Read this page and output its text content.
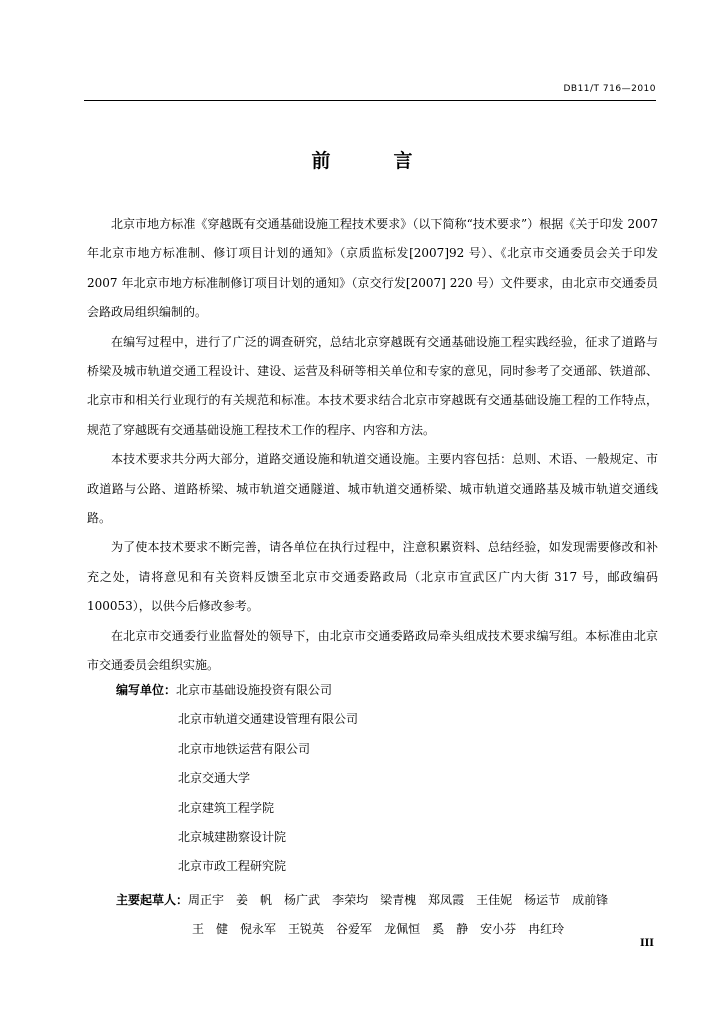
DB11/T 716—2010
前　言

北京市地方标准《穿越既有交通基础设施工程技术要求》（以下简称“技术要求”）根据《关于印发 2007 年北京市地方标准制、修订项目计划的通知》（京质监标发[2007]92 号）、《北京市交通委员会关于印发 2007 年北京市地方标准制修订项目计划的通知》（京交行发[2007] 220 号）文件要求，由北京市交通委员会路政局组织编制的。

在编写过程中，进行了广泛的调查研究，总结北京穿越既有交通基础设施工程实践经验，征求了道路与桥梁及城市轨道交通工程设计、建设、运营及科研等相关单位和专家的意见，同时参考了交通部、铁道部、北京市和相关行业现行的有关规范和标准。本技术要求结合北京市穿越既有交通基础设施工程的工作特点，规范了穿越既有交通基础设施工程技术工作的程序、内容和方法。

本技术要求共分两大部分，道路交通设施和轨道交通设施。主要内容包括：总则、术语、一般规定、市政道路与公路、道路桥梁、城市轨道交通隧道、城市轨道交通桥梁、城市轨道交通路基及城市轨道交通线路。

为了使本技术要求不断完善，请各单位在执行过程中，注意积累资料、总结经验，如发现需要修改和补充之处，请将意见和有关资料反馈至北京市交通委路政局（北京市宣武区广内大街 317 号，邮政编码 100053），以供今后修改参考。

在北京市交通委行业监督处的领导下，由北京市交通委路政局牵头组成技术要求编写组。本标准由北京市交通委员会组织实施。

编写单位：北京市基础设施投资有限公司
北京市轨道交通建设管理有限公司
北京市地铁运营有限公司
北京交通大学
北京建筑工程学院
北京城建勘察设计院
北京市政工程研究院
主要起草人：周正宇 姜　帆 杨广武 李荣均 梁青槐 郑凤霞 王佳妮 杨运节 成前锋
王　健 倪永军 王锐英 谷爱军 龙佩恒 奚　静 安小芬 冉红玲
III
